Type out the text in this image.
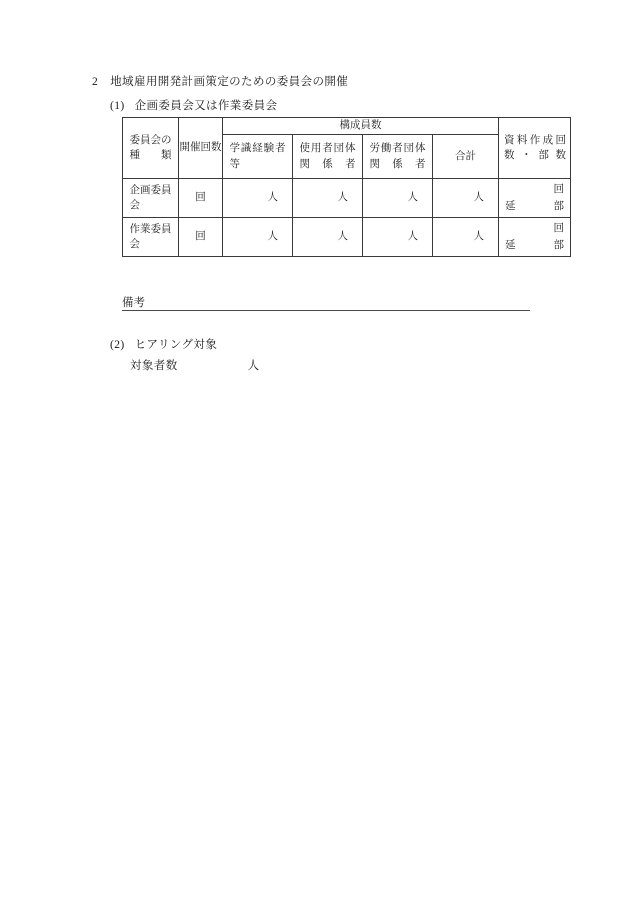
2 地域雇用開発計画策定のための委員会の開催
(1) 企画委員会又は作業委員会
委員会の種類	開催回数	構成員数				資料作成回数・部数

		学識経験者等	使用者団体関係者	労働者団体関係者	合計	

企画委員会	回	人	人	人	人	回
延 部

作業委員会	回	人	人	人	人	回
延 部
備考
(2) ヒアリング対象
対象者数	人
